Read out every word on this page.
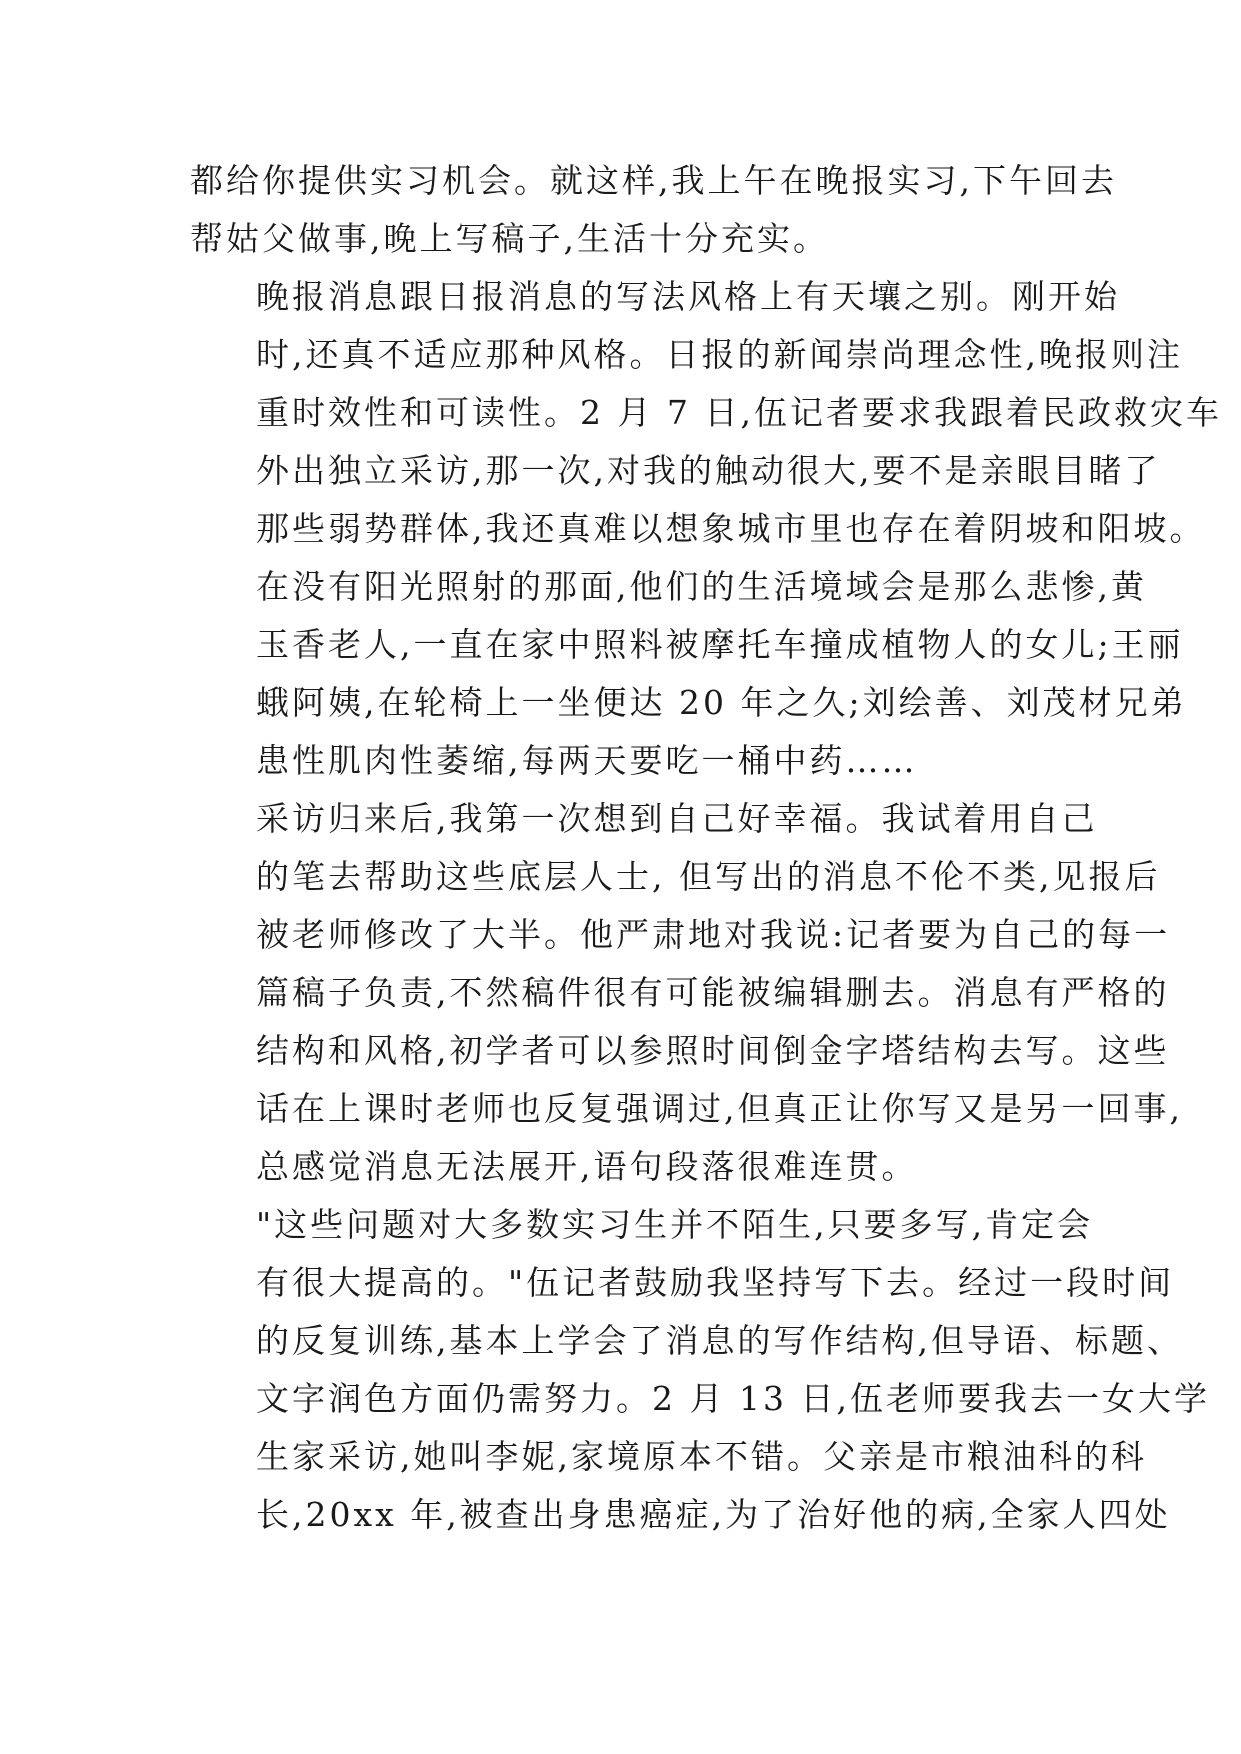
都给你提供实习机会。就这样,我上午在晚报实习,下午回去
帮姑父做事,晚上写稿子,生活十分充实。

晚报消息跟日报消息的写法风格上有天壤之别。刚开始
时,还真不适应那种风格。日报的新闻崇尚理念性,晚报则注
重时效性和可读性。2 月 7 日,伍记者要求我跟着民政救灾车
外出独立采访,那一次,对我的触动很大,要不是亲眼目睹了
那些弱势群体,我还真难以想象城市里也存在着阴坡和阳坡。
在没有阳光照射的那面,他们的生活境域会是那么悲惨,黄
玉香老人,一直在家中照料被摩托车撞成植物人的女儿;王丽
蛾阿姨,在轮椅上一坐便达 20 年之久;刘绘善、刘茂材兄弟
患性肌肉性萎缩,每两天要吃一桶中药……

采访归来后,我第一次想到自己好幸福。我试着用自己
的笔去帮助这些底层人士, 但写出的消息不伦不类,见报后
被老师修改了大半。他严肃地对我说:记者要为自己的每一
篇稿子负责,不然稿件很有可能被编辑删去。消息有严格的
结构和风格,初学者可以参照时间倒金字塔结构去写。这些
话在上课时老师也反复强调过,但真正让你写又是另一回事,
总感觉消息无法展开,语句段落很难连贯。

"这些问题对大多数实习生并不陌生,只要多写,肯定会
有很大提高的。"伍记者鼓励我坚持写下去。经过一段时间
的反复训练,基本上学会了消息的写作结构,但导语、标题、
文字润色方面仍需努力。2 月 13 日,伍老师要我去一女大学
生家采访,她叫李妮,家境原本不错。父亲是市粮油科的科
长,20xx 年,被查出身患癌症,为了治好他的病,全家人四处
